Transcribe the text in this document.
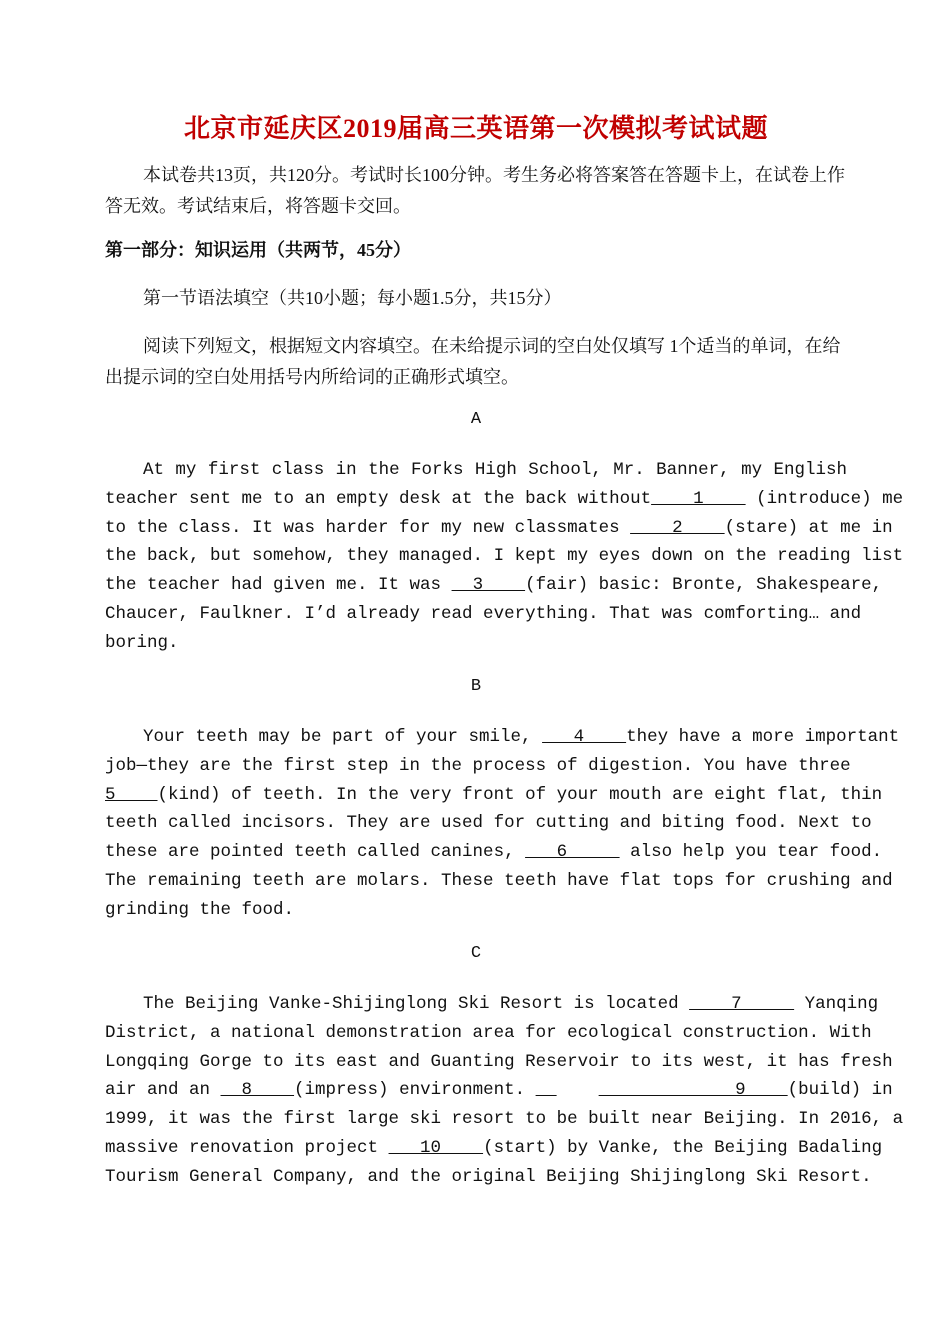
北京市延庆区2019届高三英语第一次模拟考试试题
本试卷共13页，共120分。考试时长100分钟。考生务必将答案答在答题卡上，在试卷上作答无效。考试结束后，将答题卡交回。
第一部分：知识运用（共两节，45分）
第一节语法填空（共10小题；每小题1.5分，共15分）
阅读下列短文，根据短文内容填空。在未给提示词的空白处仅填写 1个适当的单词，在给出提示词的空白处用括号内所给词的正确形式填空。
A
At my first class in the Forks High School, Mr. Banner, my English
teacher sent me to an empty desk at the back without    1     (introduce) me
to the class. It was harder for my new classmates     2    (stare) at me in
the back, but somehow, they managed. I kept my eyes down on the reading list
the teacher had given me. It was   3    (fair) basic: Bronte, Shakespeare,
Chaucer, Faulkner. I’d already read everything. That was comforting… and
boring.
B
Your teeth may be part of your smile,    4    they have a more important
job—they are the first step in the process of digestion. You have three
5    (kind) of teeth. In the very front of your mouth are eight flat, thin
teeth called incisors. They are used for cutting and biting food. Next to
these are pointed teeth called canines,    6      also help you tear food.
The remaining teeth are molars. These teeth have flat tops for crushing and
grinding the food.
C
The Beijing Vanke-Shijinglong Ski Resort is located     7      Yanqing
District, a national demonstration area for ecological construction. With
Longqing Gorge to its east and Guanting Reservoir to its west, it has fresh
air and an   8    (impress) environment.	9    (build) in
1999, it was the first large ski resort to be built near Beijing. In 2016, a
massive renovation project    10    (start) by Vanke, the Beijing Badaling
Tourism General Company, and the original Beijing Shijinglong Ski Resort.
